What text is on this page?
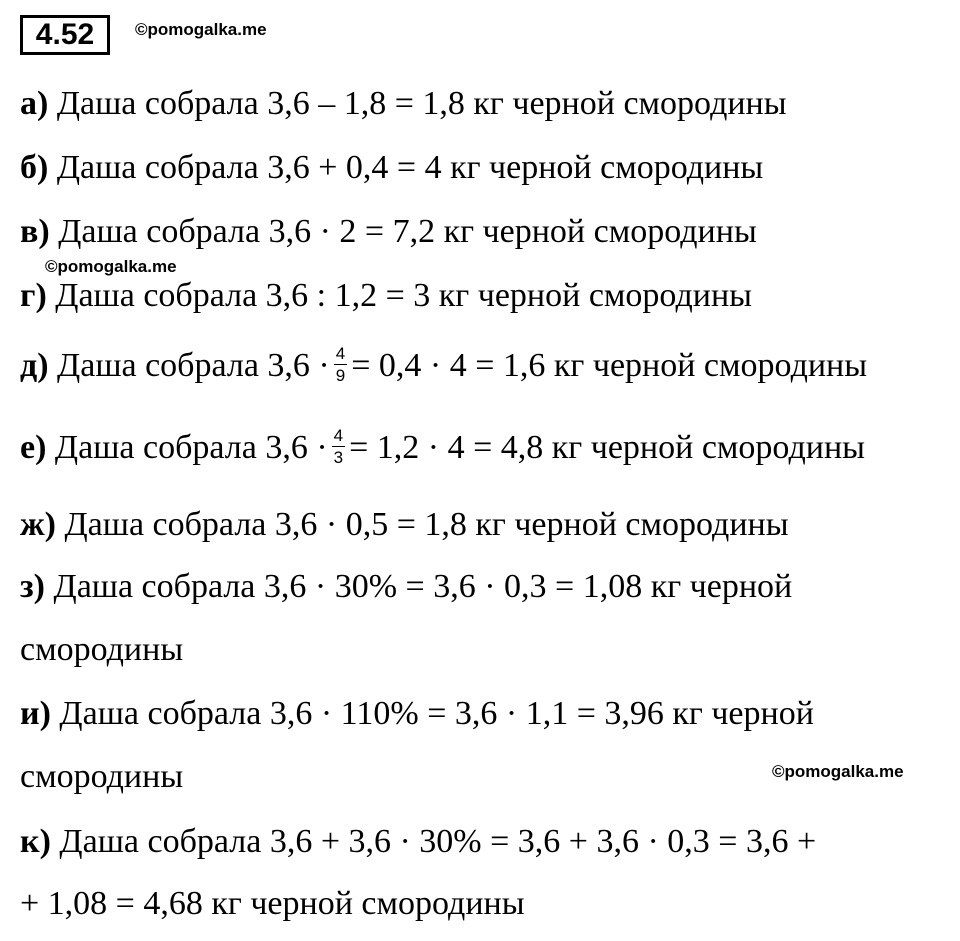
4.52	©pomogalka.me
©pomogalka.me
©pomogalka.me
а) Даша собрала 3,6 – 1,8 = 1,8 кг черной смородины
б) Даша собрала 3,6 + 0,4 = 4 кг черной смородины
в) Даша собрала 3,6 · 2 = 7,2 кг черной смородины
г) Даша собрала 3,6 : 1,2 = 3 кг черной смородины
д) Даша собрала $3,6 \cdot \frac{4}{9} = 0,4 \cdot 4 = 1,6$ кг черной смородины
е) Даша собрала $3,6 \cdot \frac{4}{3} = 1,2 \cdot 4 = 4,8$ кг черной смородины
ж) Даша собрала 3,6 · 0,5 = 1,8 кг черной смородины
з) Даша собрала 3,6 · 30% = 3,6 · 0,3 = 1,08 кг черной
смородины
и) Даша собрала 3,6 · 110% = 3,6 · 1,1 = 3,96 кг черной
смородины
к) Даша собрала 3,6 + 3,6 · 30% = 3,6 + 3,6 · 0,3 = 3,6 +
+ 1,08 = 4,68 кг черной смородины
